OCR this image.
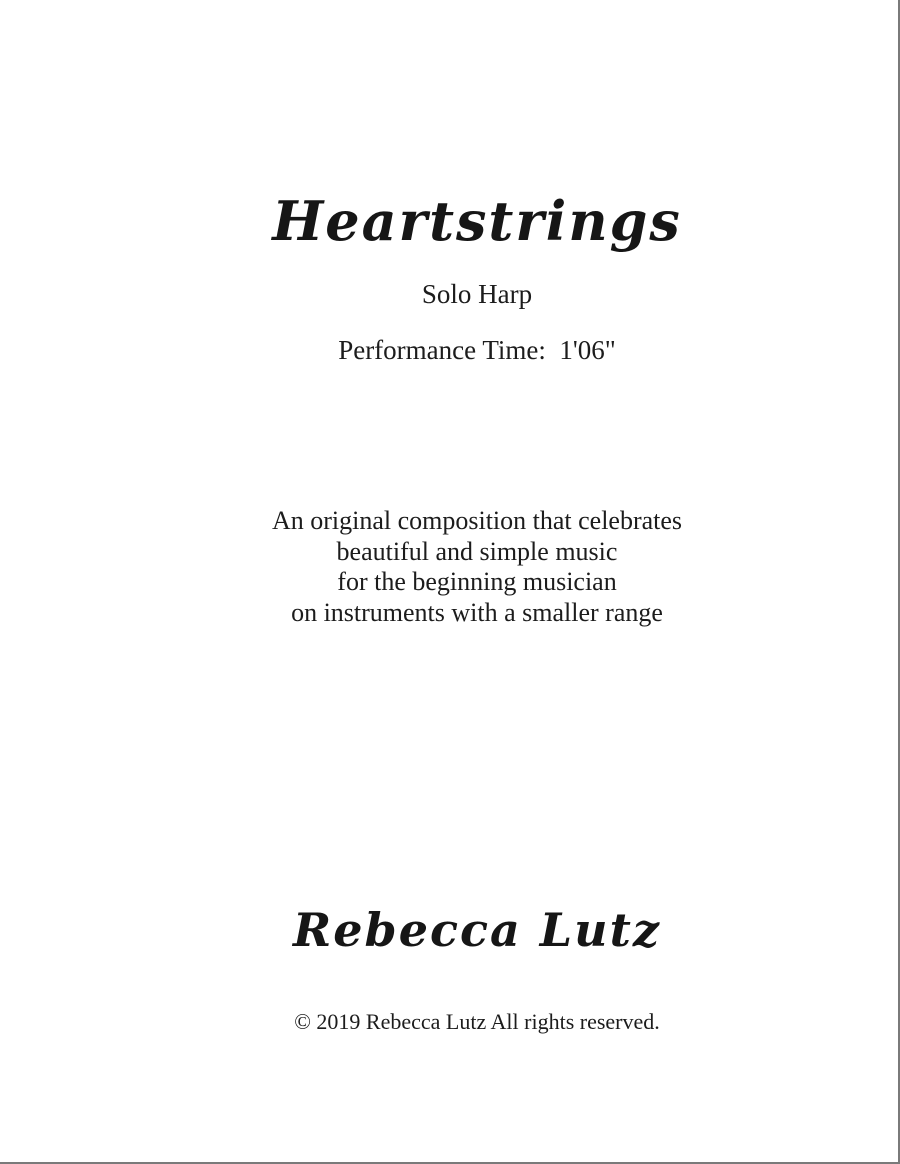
Heartstrings
Solo Harp
Performance Time:  1'06"
An original composition that celebrates
beautiful and simple music
for the beginning musician
on instruments with a smaller range
Rebecca Lutz
© 2019 Rebecca Lutz All rights reserved.
